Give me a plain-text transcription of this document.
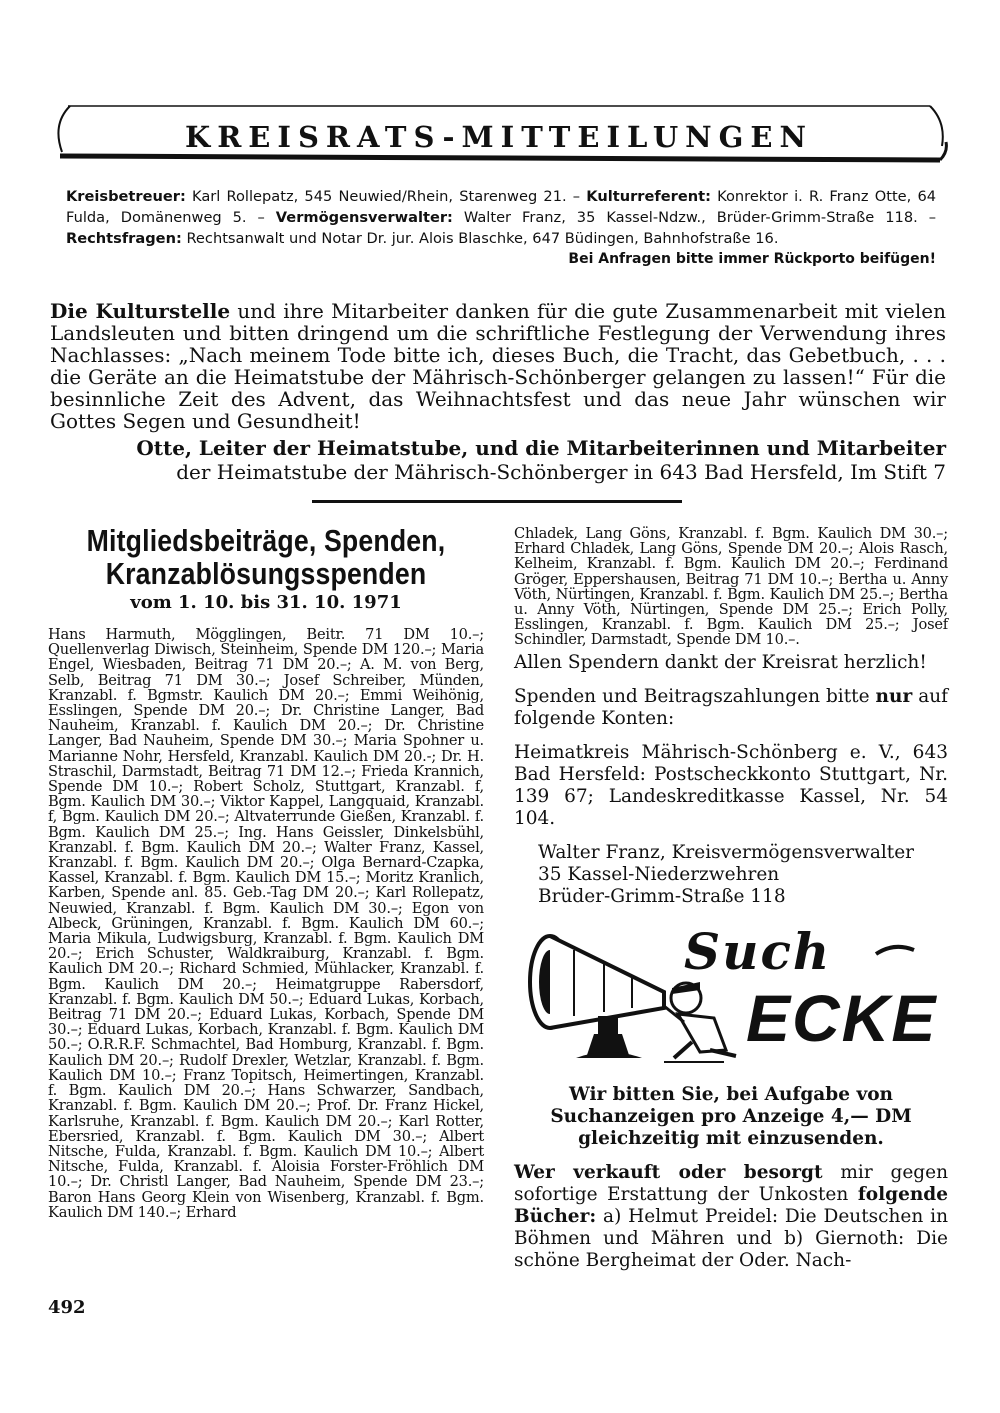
KREISRATS-MITTEILUNGEN
Kreisbetreuer: Karl Rollepatz, 545 Neuwied/Rhein, Starenweg 21. – Kulturreferent: Konrektor i. R. Franz Otte, 64 Fulda, Domänenweg 5. – Vermögensverwalter: Walter Franz, 35 Kassel-Ndzw., Brüder-Grimm-Straße 118. – Rechtsfragen: Rechtsanwalt und Notar Dr. jur. Alois Blaschke, 647 Büdingen, Bahnhofstraße 16.
Bei Anfragen bitte immer Rückporto beifügen!
Die Kulturstelle und ihre Mitarbeiter danken für die gute Zusammenarbeit mit vielen Landsleuten und bitten dringend um die schriftliche Festlegung der Verwendung ihres Nachlasses: „Nach meinem Tode bitte ich, dieses Buch, die Tracht, das Gebetbuch, . . . die Geräte an die Heimatstube der Mährisch-Schönberger gelangen zu lassen!“ Für die besinnliche Zeit des Advent, das Weihnachtsfest und das neue Jahr wünschen wir Gottes Segen und Gesundheit!
Otte, Leiter der Heimatstube, und die Mitarbeiterinnen und Mitarbeiter
der Heimatstube der Mährisch-Schönberger in 643 Bad Hersfeld, Im Stift 7
Mitgliedsbeiträge, Spenden,
Kranzablösungsspenden
vom 1. 10. bis 31. 10. 1971
Hans Harmuth, Mögglingen, Beitr. 71 DM 10.–; Quellenverlag Diwisch, Steinheim, Spende DM 120.–; Maria Engel, Wiesbaden, Beitrag 71 DM 20.–; A. M. von Berg, Selb, Beitrag 71 DM 30.–; Josef Schreiber, Münden, Kranzabl. f. Bgmstr. Kaulich DM 20.–; Emmi Weihönig, Esslingen, Spende DM 20.–; Dr. Christine Langer, Bad Nauheim, Kranzabl. f. Kaulich DM 20.–; Dr. Christine Langer, Bad Nauheim, Spende DM 30.–; Maria Spohner u. Marianne Nohr, Hersfeld, Kranzabl. Kaulich DM 20.-; Dr. H. Straschil, Darmstadt, Beitrag 71 DM 12.–; Frieda Krannich, Spende DM 10.–; Robert Scholz, Stuttgart, Kranzabl. f, Bgm. Kaulich DM 30.–; Viktor Kappel, Langquaid, Kranzabl. f, Bgm. Kaulich DM 20.–; Altvaterrunde Gießen, Kranzabl. f. Bgm. Kaulich DM 25.–; Ing. Hans Geissler, Dinkelsbühl, Kranzabl. f. Bgm. Kaulich DM 20.–; Walter Franz, Kassel, Kranzabl. f. Bgm. Kaulich DM 20.–; Olga Bernard-Czapka, Kassel, Kranzabl. f. Bgm. Kaulich DM 15.–; Moritz Kranlich, Karben, Spende anl. 85. Geb.-Tag DM 20.–; Karl Rollepatz, Neuwied, Kranzabl. f. Bgm. Kaulich DM 30.–; Egon von Albeck, Grüningen, Kranzabl. f. Bgm. Kaulich DM 60.–; Maria Mikula, Ludwigsburg, Kranzabl. f. Bgm. Kaulich DM 20.–; Erich Schuster, Waldkraiburg, Kranzabl. f. Bgm. Kaulich DM 20.–; Richard Schmied, Mühlacker, Kranzabl. f. Bgm. Kaulich DM 20.–; Heimatgruppe Rabersdorf, Kranzabl. f. Bgm. Kaulich DM 50.–; Eduard Lukas, Korbach, Beitrag 71 DM 20.–; Eduard Lukas, Korbach, Spende DM 30.–; Eduard Lukas, Korbach, Kranzabl. f. Bgm. Kaulich DM 50.–; O.R.R.F. Schmachtel, Bad Homburg, Kranzabl. f. Bgm. Kaulich DM 20.–; Rudolf Drexler, Wetzlar, Kranzabl. f. Bgm. Kaulich DM 10.–; Franz Topitsch, Heimertingen, Kranzabl. f. Bgm. Kaulich DM 20.–; Hans Schwarzer, Sandbach, Kranzabl. f. Bgm. Kaulich DM 20.–; Prof. Dr. Franz Hickel, Karlsruhe, Kranzabl. f. Bgm. Kaulich DM 20.–; Karl Rotter, Ebersried, Kranzabl. f. Bgm. Kaulich DM 30.–; Albert Nitsche, Fulda, Kranzabl. f. Bgm. Kaulich DM 10.–; Albert Nitsche, Fulda, Kranzabl. f. Aloisia Forster-Fröhlich DM 10.–; Dr. Christl Langer, Bad Nauheim, Spende DM 23.–; Baron Hans Georg Klein von Wisenberg, Kranzabl. f. Bgm. Kaulich DM 140.–; Erhard
492
Chladek, Lang Göns, Kranzabl. f. Bgm. Kaulich DM 30.–; Erhard Chladek, Lang Göns, Spende DM 20.–; Alois Rasch, Kelheim, Kranzabl. f. Bgm. Kaulich DM 20.–; Ferdinand Gröger, Eppershausen, Beitrag 71 DM 10.–; Bertha u. Anny Vöth, Nürtingen, Kranzabl. f. Bgm. Kaulich DM 25.–; Bertha u. Anny Vöth, Nürtingen, Spende DM 25.–; Erich Polly, Esslingen, Kranzabl. f. Bgm. Kaulich DM 25.–; Josef Schindler, Darmstadt, Spende DM 10.–.
Allen Spendern dankt der Kreisrat herzlich!
Spenden und Beitragszahlungen bitte nur auf folgende Konten:
Heimatkreis Mährisch-Schönberg e. V., 643 Bad Hersfeld: Postscheckkonto Stuttgart, Nr. 139 67; Landeskreditkasse Kassel, Nr. 54 104.
Walter Franz, Kreisvermögensverwalter
35 Kassel-Niederzwehren
Brüder-Grimm-Straße 118
Such
ECKE
Wir bitten Sie, bei Aufgabe von Suchanzeigen pro Anzeige 4,— DM gleichzeitig mit einzusenden.
Wer verkauft oder besorgt mir gegen sofortige Erstattung der Unkosten folgende Bücher: a) Helmut Preidel: Die Deutschen in Böhmen und Mähren und b) Giernoth: Die schöne Bergheimat der Oder. Nach-
